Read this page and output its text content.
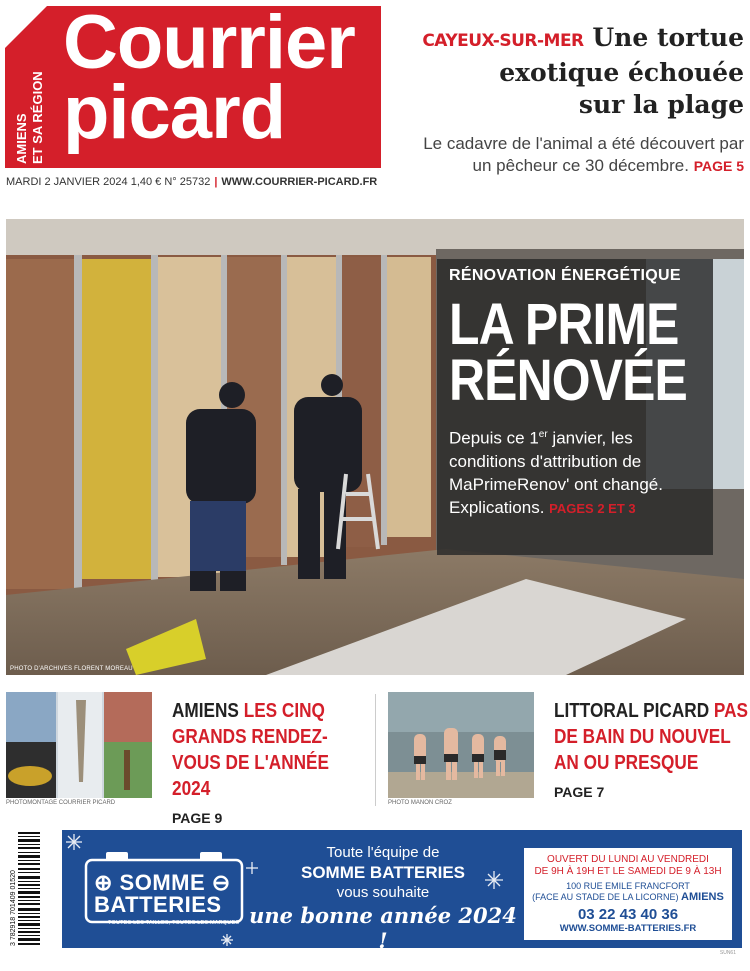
AMIENS ET SA RÉGION
Courrier
picard
MARDI 2 JANVIER 2024 1,40 € N° 25732 | WWW.COURRIER-PICARD.FR
CAYEUX-SUR-MER Une tortue
exotique échouée
sur la plage
Le cadavre de l'animal a été découvert par un pêcheur ce 30 décembre. PAGE 5
PHOTO D'ARCHIVES FLORENT MOREAU
RÉNOVATION ÉNERGÉTIQUE
LA PRIME
RÉNOVÉE
Depuis ce 1er janvier, les conditions d'attribution de MaPrimeRenov' ont changé. Explications. PAGES 2 ET 3
PHOTOMONTAGE COURRIER PICARD
AMIENS LES CINQ GRANDS RENDEZ-VOUS DE L'ANNÉE 2024
PAGE 9
PHOTO MANON CROZ
LITTORAL PICARD PAS DE BAIN DU NOUVEL AN OU PRESQUE
PAGE 7
3 782918 701409 01520	⊕ SOMME ⊖
BATTERIES
TOUTES LES TAILLES, TOUTES LES MARQUES
Toute l'équipe de
SOMME BATTERIES
vous souhaite
une bonne année 2024 !
OUVERT DU LUNDI AU VENDREDI
DE 9H À 19H ET LE SAMEDI DE 9 À 13H
100 RUE EMILE FRANCFORT
(FACE AU STADE DE LA LICORNE) AMIENS
03 22 43 40 36
WWW.SOMME-BATTERIES.FR
SUN61
